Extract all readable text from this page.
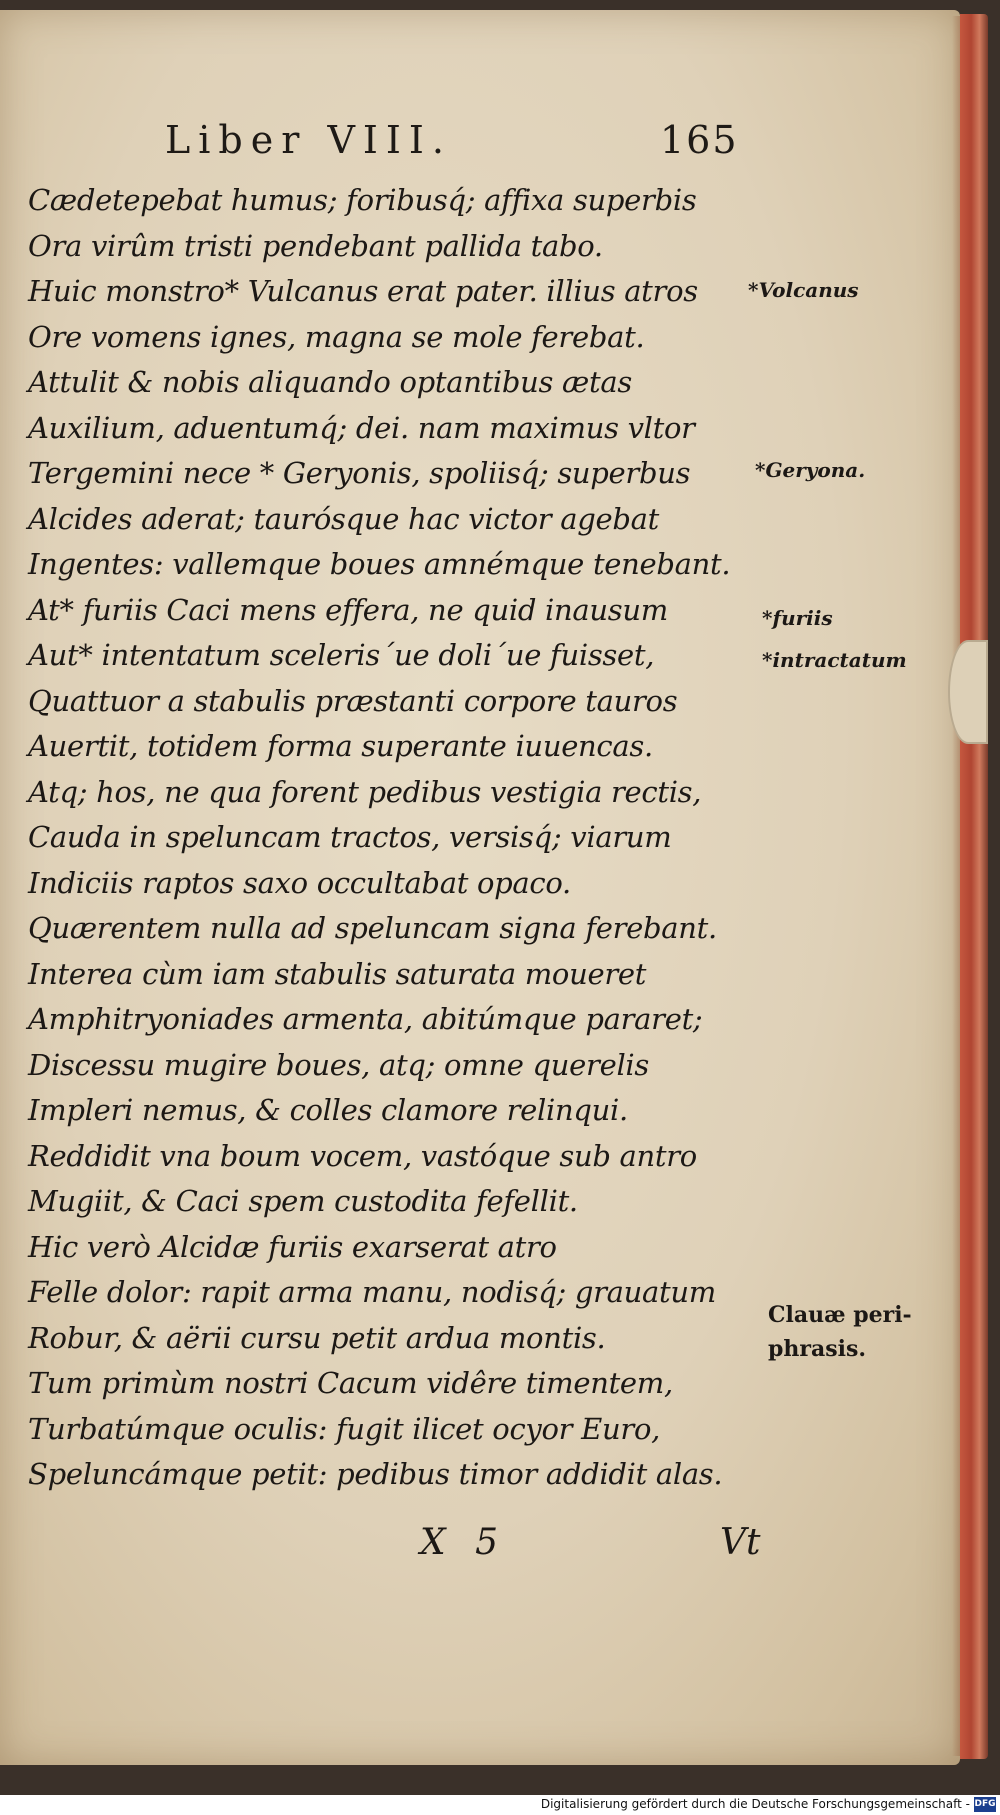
Liber VIII.	165
Cædetepebat humus; foribusq́; affixa superbis
Ora virûm tristi pendebant pallida tabo.
Huic monstro* Vulcanus erat pater. illius atros
Ore vomens ignes, magna se mole ferebat.
Attulit & nobis aliquando optantibus ætas
Auxilium, aduentumq́; dei. nam maximus vltor
Tergemini nece * Geryonis, spoliisq́; superbus
Alcides aderat; taurósque hac victor agebat
Ingentes: vallemque boues amnémque tenebant.
At* furiis Caci mens effera, ne quid inausum
Aut* intentatum sceleris´ue doli´ue fuisset,
Quattuor a stabulis præstanti corpore tauros
Auertit, totidem forma superante iuuencas.
Atq; hos, ne qua forent pedibus vestigia rectis,
Cauda in speluncam tractos, versisq́; viarum
Indiciis raptos saxo occultabat opaco.
Quærentem nulla ad speluncam signa ferebant.
Interea cùm iam stabulis saturata moueret
Amphitryoniades armenta, abitúmque pararet;
Discessu mugire boues, atq; omne querelis
Impleri nemus, & colles clamore relinqui.
Reddidit vna boum vocem, vastóque sub antro
Mugiit, & Caci spem custodita fefellit.
Hic verò Alcidæ furiis exarserat atro
Felle dolor: rapit arma manu, nodisq́; grauatum
Robur, & aërii cursu petit ardua montis.
Tum primùm nostri Cacum vidêre timentem,
Turbatúmque oculis: fugit ilicet ocyor Euro,
Speluncámque petit: pedibus timor addidit alas.
*Volcanus
*Geryona.
*furiis
*intractatum
Clauæ peri-
phrasis.
X 5	Vt
Digitalisierung gefördert durch die Deutsche Forschungsgemeinschaft - DFG
